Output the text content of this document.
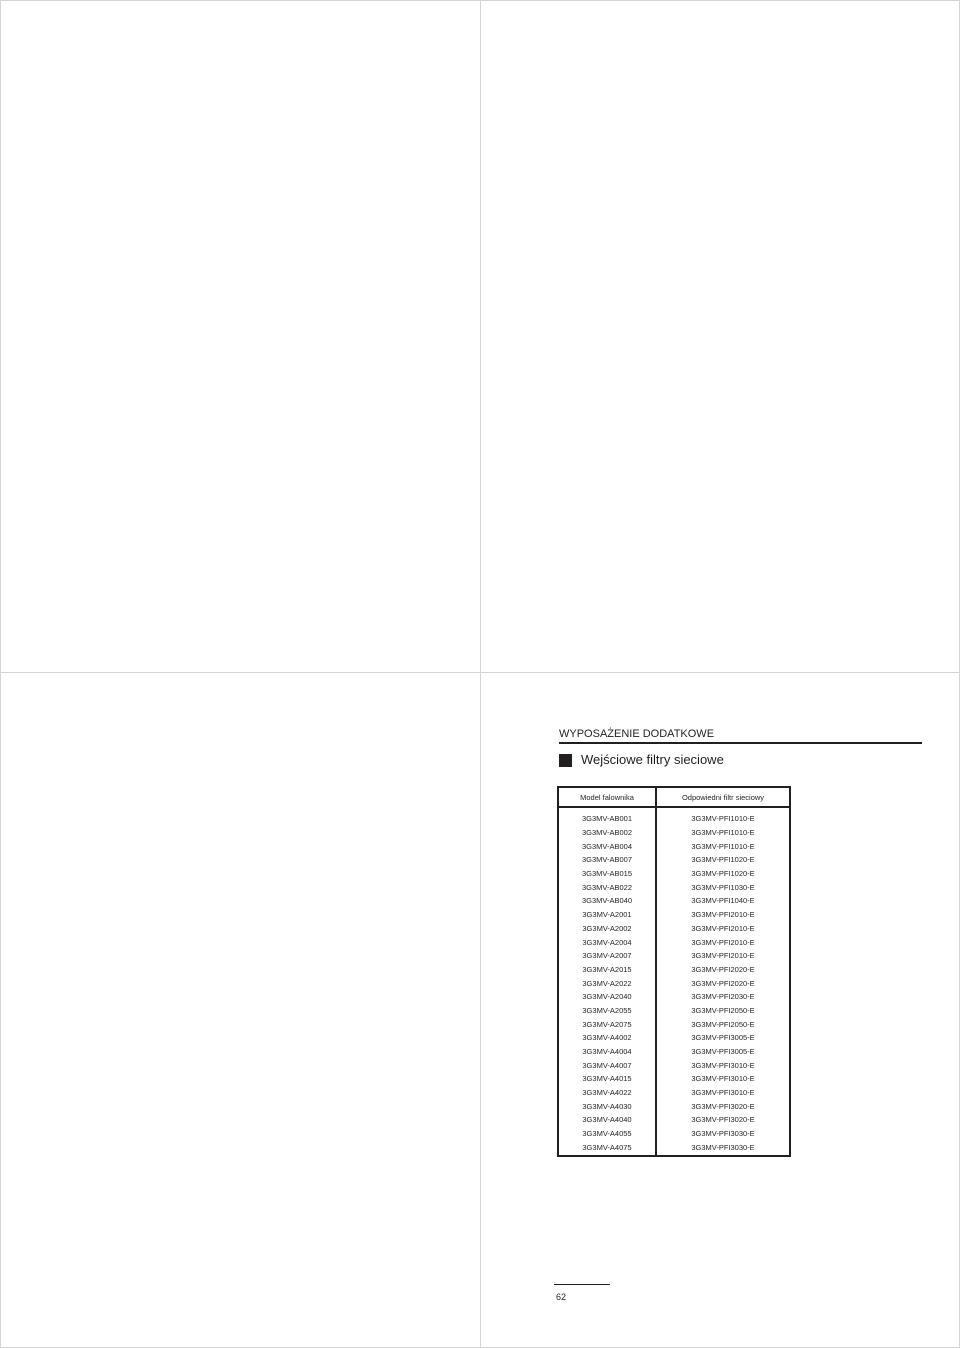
WYPOSAŻENIE DODATKOWE
Wejściowe filtry sieciowe
Model falownika	Odpowiedni filtr sieciowy
3G3MV-AB001	3G3MV-PFI1010-E
3G3MV-AB002	3G3MV-PFI1010-E
3G3MV-AB004	3G3MV-PFI1010-E
3G3MV-AB007	3G3MV-PFI1020-E
3G3MV-AB015	3G3MV-PFI1020-E
3G3MV-AB022	3G3MV-PFI1030-E
3G3MV-AB040	3G3MV-PFI1040-E
3G3MV-A2001	3G3MV-PFI2010-E
3G3MV-A2002	3G3MV-PFI2010-E
3G3MV-A2004	3G3MV-PFI2010-E
3G3MV-A2007	3G3MV-PFI2010-E
3G3MV-A2015	3G3MV-PFI2020-E
3G3MV-A2022	3G3MV-PFI2020-E
3G3MV-A2040	3G3MV-PFI2030-E
3G3MV-A2055	3G3MV-PFI2050-E
3G3MV-A2075	3G3MV-PFI2050-E
3G3MV-A4002	3G3MV-PFI3005-E
3G3MV-A4004	3G3MV-PFI3005-E
3G3MV-A4007	3G3MV-PFI3010-E
3G3MV-A4015	3G3MV-PFI3010-E
3G3MV-A4022	3G3MV-PFI3010-E
3G3MV-A4030	3G3MV-PFI3020-E
3G3MV-A4040	3G3MV-PFI3020-E
3G3MV-A4055	3G3MV-PFI3030-E
3G3MV-A4075	3G3MV-PFI3030-E
62
